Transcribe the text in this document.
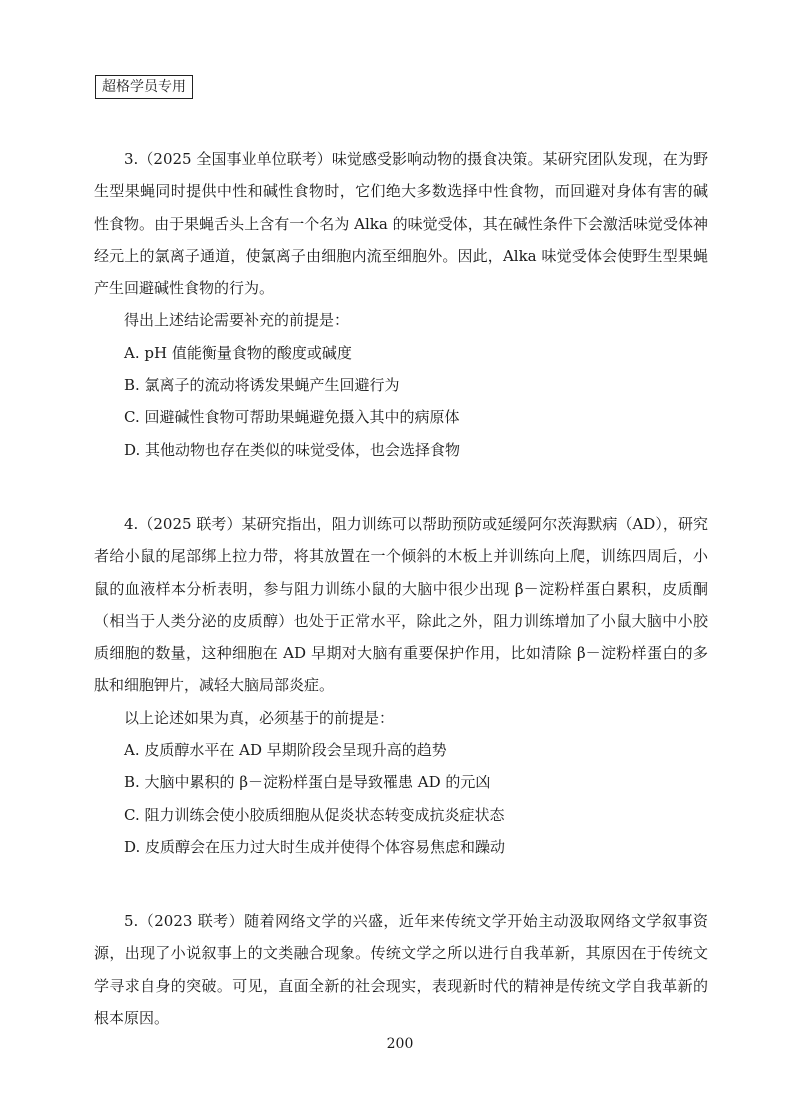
超格学员专用

3.（2025 全国事业单位联考）味觉感受影响动物的摄食决策。某研究团队发现，在为野生型果蝇同时提供中性和碱性食物时，它们绝大多数选择中性食物，而回避对身体有害的碱性食物。由于果蝇舌头上含有一个名为 Alka 的味觉受体，其在碱性条件下会激活味觉受体神经元上的氯离子通道，使氯离子由细胞内流至细胞外。因此，Alka 味觉受体会使野生型果蝇产生回避碱性食物的行为。

得出上述结论需要补充的前提是：

A. pH 值能衡量食物的酸度或碱度

B. 氯离子的流动将诱发果蝇产生回避行为

C. 回避碱性食物可帮助果蝇避免摄入其中的病原体

D. 其他动物也存在类似的味觉受体，也会选择食物

4.（2025 联考）某研究指出，阻力训练可以帮助预防或延缓阿尔茨海默病（AD），研究者给小鼠的尾部绑上拉力带，将其放置在一个倾斜的木板上并训练向上爬，训练四周后，小鼠的血液样本分析表明，参与阻力训练小鼠的大脑中很少出现 β－淀粉样蛋白累积，皮质酮（相当于人类分泌的皮质醇）也处于正常水平，除此之外，阻力训练增加了小鼠大脑中小胶质细胞的数量，这种细胞在 AD 早期对大脑有重要保护作用，比如清除 β－淀粉样蛋白的多肽和细胞钾片，减轻大脑局部炎症。

以上论述如果为真，必须基于的前提是：

A. 皮质醇水平在 AD 早期阶段会呈现升高的趋势

B. 大脑中累积的 β－淀粉样蛋白是导致罹患 AD 的元凶

C. 阻力训练会使小胶质细胞从促炎状态转变成抗炎症状态

D. 皮质醇会在压力过大时生成并使得个体容易焦虑和躁动

5.（2023 联考）随着网络文学的兴盛，近年来传统文学开始主动汲取网络文学叙事资源，出现了小说叙事上的文类融合现象。传统文学之所以进行自我革新，其原因在于传统文学寻求自身的突破。可见，直面全新的社会现实，表现新时代的精神是传统文学自我革新的根本原因。

200
